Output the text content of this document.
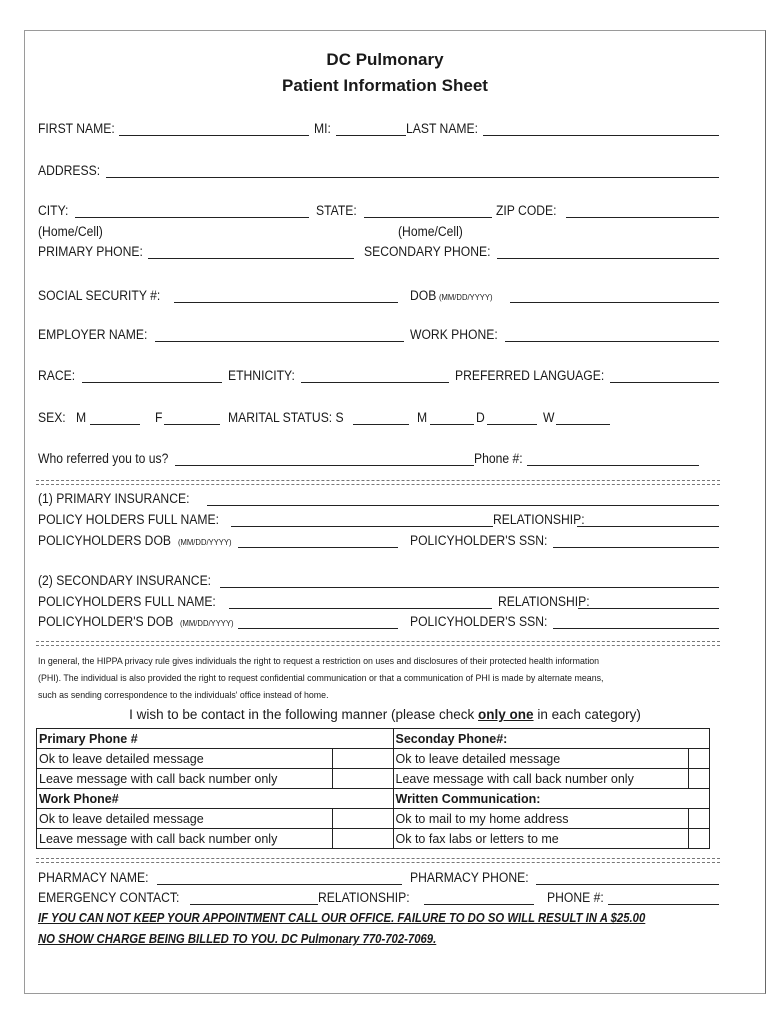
DC Pulmonary
Patient Information Sheet
FIRST NAME:	MI:	LAST NAME:
ADDRESS:
CITY:	STATE:	ZIP CODE:
(Home/Cell)	(Home/Cell)
PRIMARY PHONE:	SECONDARY PHONE:
SOCIAL SECURITY #:	DOB (MM/DD/YYYY)
EMPLOYER NAME:	WORK PHONE:
RACE:	ETHNICITY:	PREFERRED LANGUAGE:
SEX: M	F	MARITAL STATUS: S	M	D	W
Who referred you to us?	Phone #:
(1) PRIMARY INSURANCE:
POLICY HOLDERS FULL NAME:	RELATIONSHIP:
POLICYHOLDERS DOB (MM/DD/YYYY)	POLICYHOLDER'S SSN:
(2) SECONDARY INSURANCE:
POLICYHOLDERS FULL NAME:	RELATIONSHIP:
POLICYHOLDER'S DOB (MM/DD/YYYY)	POLICYHOLDER'S SSN:
In general, the HIPPA privacy rule gives individuals the right to request a restriction on uses and disclosures of their protected health information
(PHI). The individual is also provided the right to request confidential communication or that a communication of PHI is made by alternate means,
such as sending correspondence to the individuals' office instead of home.
I wish to be contact in the following manner (please check only one in each category)
Primary Phone #		Seconday Phone#:	
Ok to leave detailed message		Ok to leave detailed message	
Leave message with call back number only		Leave message with call back number only	
Work Phone#		Written Communication:	
Ok to leave detailed message		Ok to mail to my home address	
Leave message with call back number only		Ok to fax labs or letters to me	
PHARMACY NAME:	PHARMACY PHONE:
EMERGENCY CONTACT:	RELATIONSHIP:	PHONE #:
IF YOU CAN NOT KEEP YOUR APPOINTMENT CALL OUR OFFICE. FAILURE TO DO SO WILL RESULT IN A $25.00
NO SHOW CHARGE BEING BILLED TO YOU. DC Pulmonary 770-702-7069.
